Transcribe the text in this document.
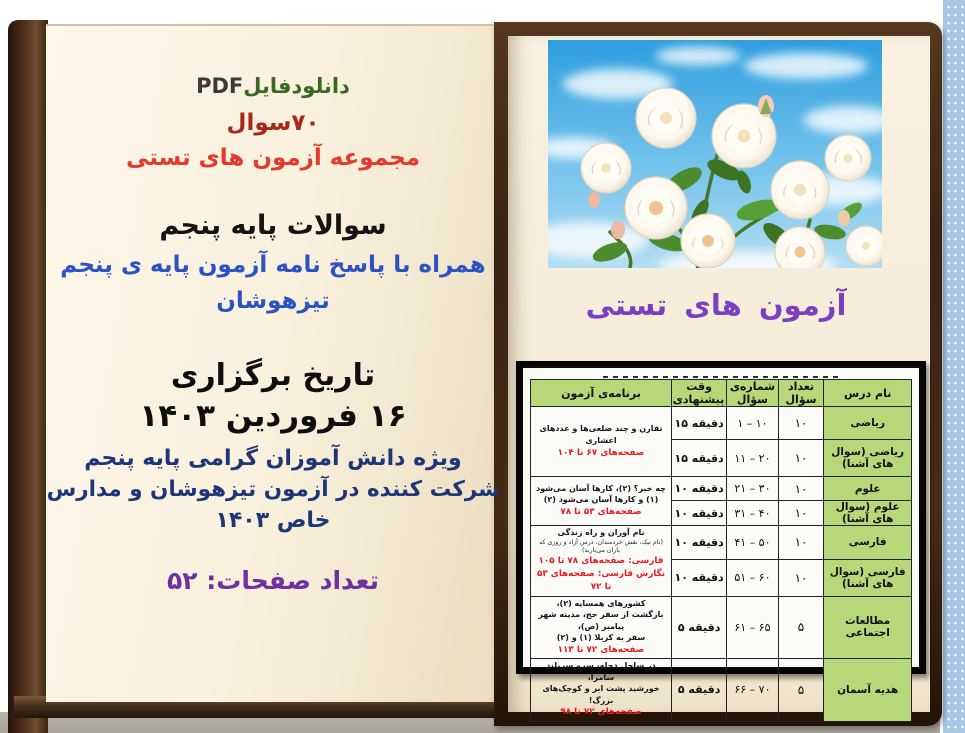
دانلودفایلPDF
۷۰سوال
مجموعه آزمون های تستی
سوالات پایه پنجم
همراه با پاسخ نامه آزمون پایه ی پنجم
تیزهوشان
تاریخ برگزاری
۱۶ فروردین ۱۴۰۳
ویژه دانش آموزان گرامی پایه پنجم
شرکت کننده در آزمون تیزهوشان و مدارس
خاص ۱۴۰۳
تعداد صفحات: ۵۲
آزمون های تستی
نام درس	تعداد سؤال	شماره‌ی سؤال	وقت پیشنهادی	برنامه‌ی آزمون
ریاضی	۱۰	۱ – ۱۰	۱۵ دقیقه	تقارن و چند ضلعی‌ها و عددهای اعشاری
صفحه‌های ۶۷ تا ۱۰۴

ریاضی (سوال های آشنا)	۱۰	۱۱ – ۲۰	۱۵ دقیقه	
علوم	۱۰	۲۱ – ۳۰	۱۰ دقیقه	چه خبر؟ (۲)، کارها آسان می‌شود (۱) و کارها آسان می‌شود (۲)
صفحه‌های ۵۳ تا ۷۸

علوم (سوال های آشنا)	۱۰	۳۱ – ۴۰	۱۰ دقیقه	
فارسی	۱۰	۴۱ – ۵۰	۱۰ دقیقه	نام آوران و راه زندگی
(نام نیک، نقش خردمندان، درس آزاد و روزی که باران می‌بارید)
فارسی: صفحه‌های ۷۸ تا ۱۰۵
نگارش فارسی: صفحه‌های ۵۳ تا ۷۲

فارسی (سوال های آشنا)	۱۰	۵۱ – ۶۰	۱۰ دقیقه	
مطالعات اجتماعی	۵	۶۱ – ۶۵	۵ دقیقه	کشورهای همسایه (۲)،
بازگشت از سفر حج، مدینه شهر پیامبر (ص)،
سفر به کربلا (۱) و (۲)
صفحه‌های ۷۲ تا ۱۱۳

هدیه آسمان	۵	۶۶ – ۷۰	۵ دقیقه	در ساحل دجله، سرو سربلند سامرا،
خورشید پشت ابر و کوچک‌های بزرگ!
صفحه‌های ۷۲ تا ۹۸
